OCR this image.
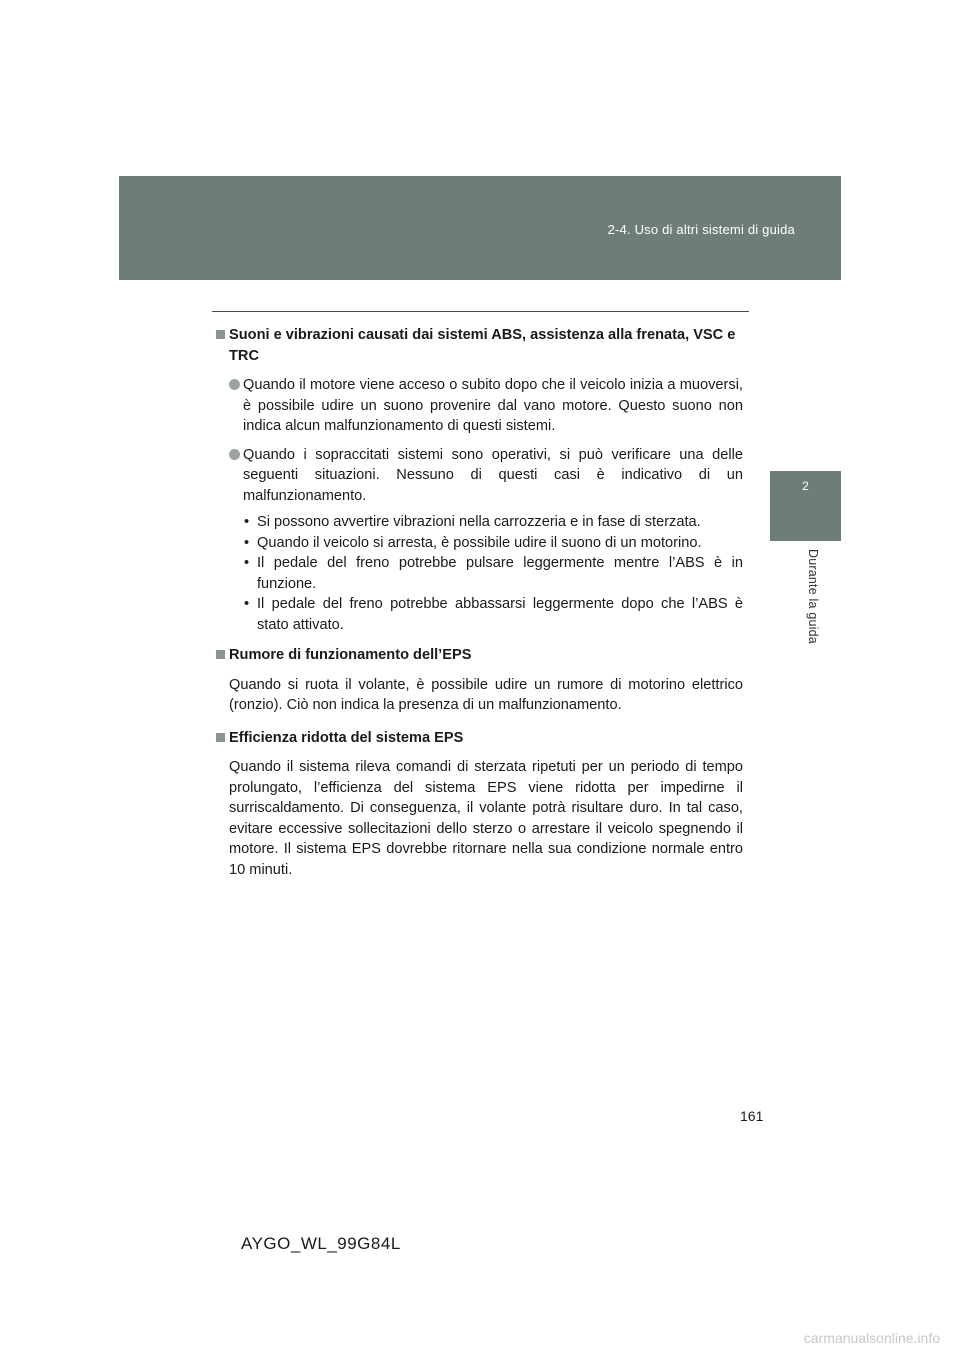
2-4. Uso di altri sistemi di guida
2
Durante la guida
Suoni e vibrazioni causati dai sistemi ABS, assistenza alla frenata, VSC e TRC
Quando il motore viene acceso o subito dopo che il veicolo inizia a muoversi, è possibile udire un suono provenire dal vano motore. Questo suono non indica alcun malfunzionamento di questi sistemi.
Quando i sopraccitati sistemi sono operativi, si può verificare una delle seguenti situazioni. Nessuno di questi casi è indicativo di un malfunzionamento.
• Si possono avvertire vibrazioni nella carrozzeria e in fase di sterzata.
• Quando il veicolo si arresta, è possibile udire il suono di un motorino.
• Il pedale del freno potrebbe pulsare leggermente mentre l’ABS è in funzione.
• Il pedale del freno potrebbe abbassarsi leggermente dopo che l’ABS è stato attivato.
Rumore di funzionamento dell’EPS

Quando si ruota il volante, è possibile udire un rumore di motorino elettrico (ronzio). Ciò non indica la presenza di un malfunzionamento.

Efficienza ridotta del sistema EPS

Quando il sistema rileva comandi di sterzata ripetuti per un periodo di tempo prolungato, l’efficienza del sistema EPS viene ridotta per impedirne il surriscaldamento. Di conseguenza, il volante potrà risultare duro. In tal caso, evitare eccessive sollecitazioni dello sterzo o arrestare il veicolo spegnendo il motore. Il sistema EPS dovrebbe ritornare nella sua condizione normale entro 10 minuti.

161
AYGO_WL_99G84L
carmanualsonline.info
